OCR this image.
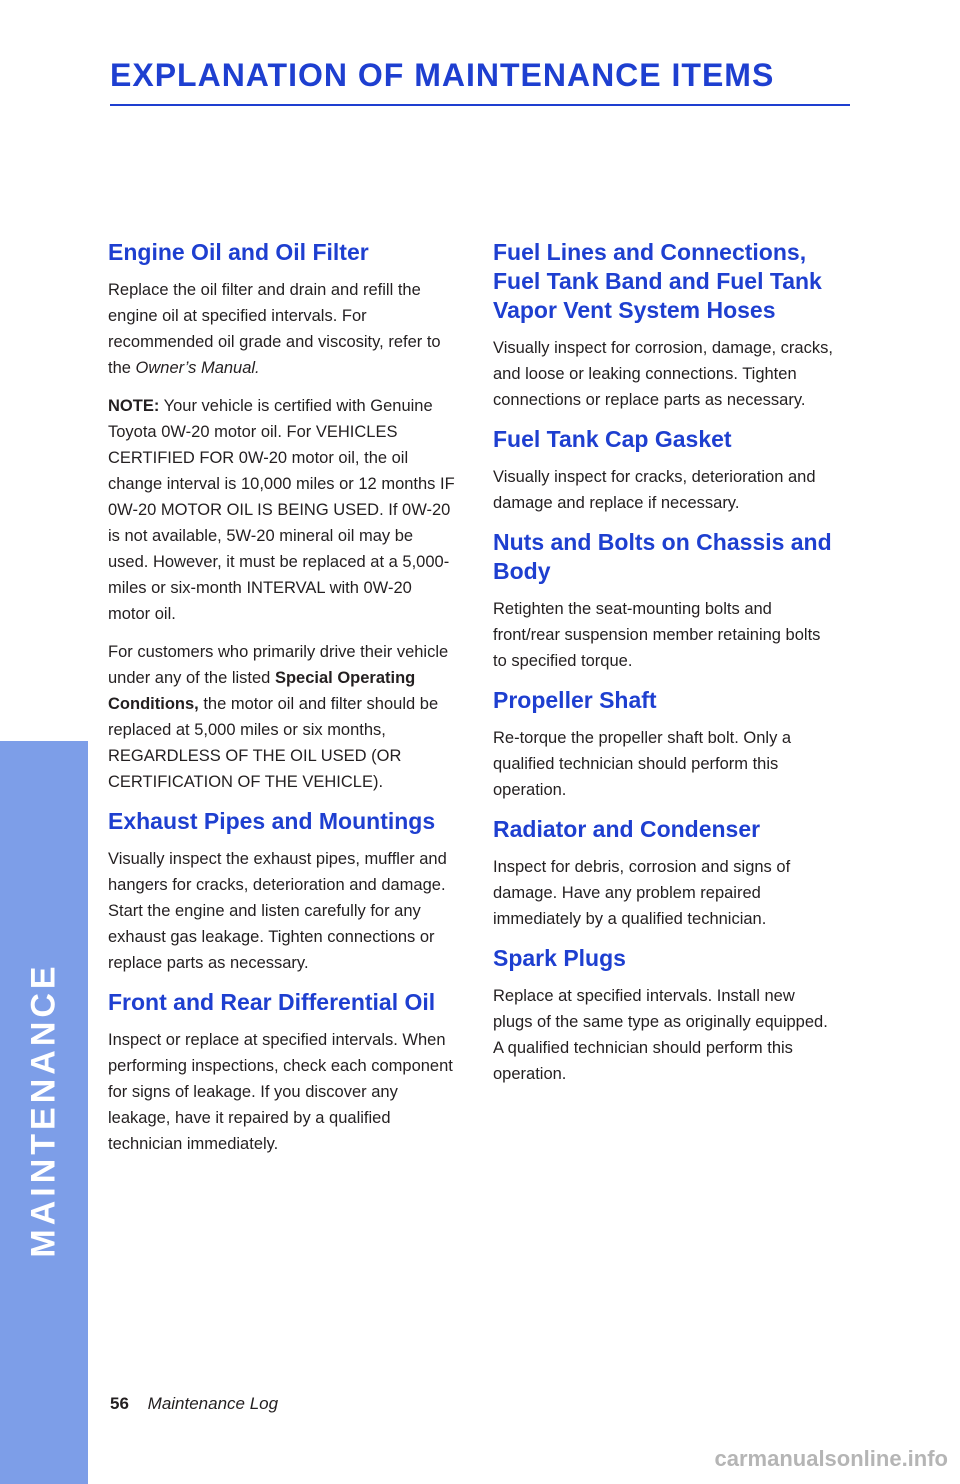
EXPLANATION OF MAINTENANCE ITEMS
MAINTENANCE
Engine Oil and Oil Filter

Replace the oil filter and drain and refill the engine oil at specified intervals. For recommended oil grade and viscosity, refer to the Owner’s Manual.

NOTE: Your vehicle is certified with Genuine Toyota 0W-20 motor oil. For VEHICLES CERTIFIED FOR 0W-20 motor oil, the oil change interval is 10,000 miles or 12 months IF 0W-20 MOTOR OIL IS BEING USED. If 0W-20 is not available, 5W-20 mineral oil may be used. However, it must be replaced at a 5,000-miles or six-month INTERVAL with 0W-20 motor oil.

For customers who primarily drive their vehicle under any of the listed Special Operating Conditions, the motor oil and filter should be replaced at 5,000 miles or six months, REGARDLESS OF THE OIL USED (OR CERTIFICATION OF THE VEHICLE).

Exhaust Pipes and Mountings

Visually inspect the exhaust pipes, muffler and hangers for cracks, deterioration and damage. Start the engine and listen carefully for any exhaust gas leakage. Tighten connections or replace parts as necessary.

Front and Rear Differential Oil

Inspect or replace at specified intervals. When performing inspections, check each component for signs of leakage. If you discover any leakage, have it repaired by a qualified technician immediately.

Fuel Lines and Connections, Fuel Tank Band and Fuel Tank Vapor Vent System Hoses

Visually inspect for corrosion, damage, cracks, and loose or leaking connections. Tighten connections or replace parts as necessary.

Fuel Tank Cap Gasket

Visually inspect for cracks, deterioration and damage and replace if necessary.

Nuts and Bolts on Chassis and Body

Retighten the seat-mounting bolts and front/rear suspension member retaining bolts to specified torque.

Propeller Shaft

Re-torque the propeller shaft bolt. Only a qualified technician should perform this operation.

Radiator and Condenser

Inspect for debris, corrosion and signs of damage. Have any problem repaired immediately by a qualified technician.

Spark Plugs

Replace at specified intervals. Install new plugs of the same type as originally equipped. A qualified technician should perform this operation.

56 Maintenance Log
carmanualsonline.info
